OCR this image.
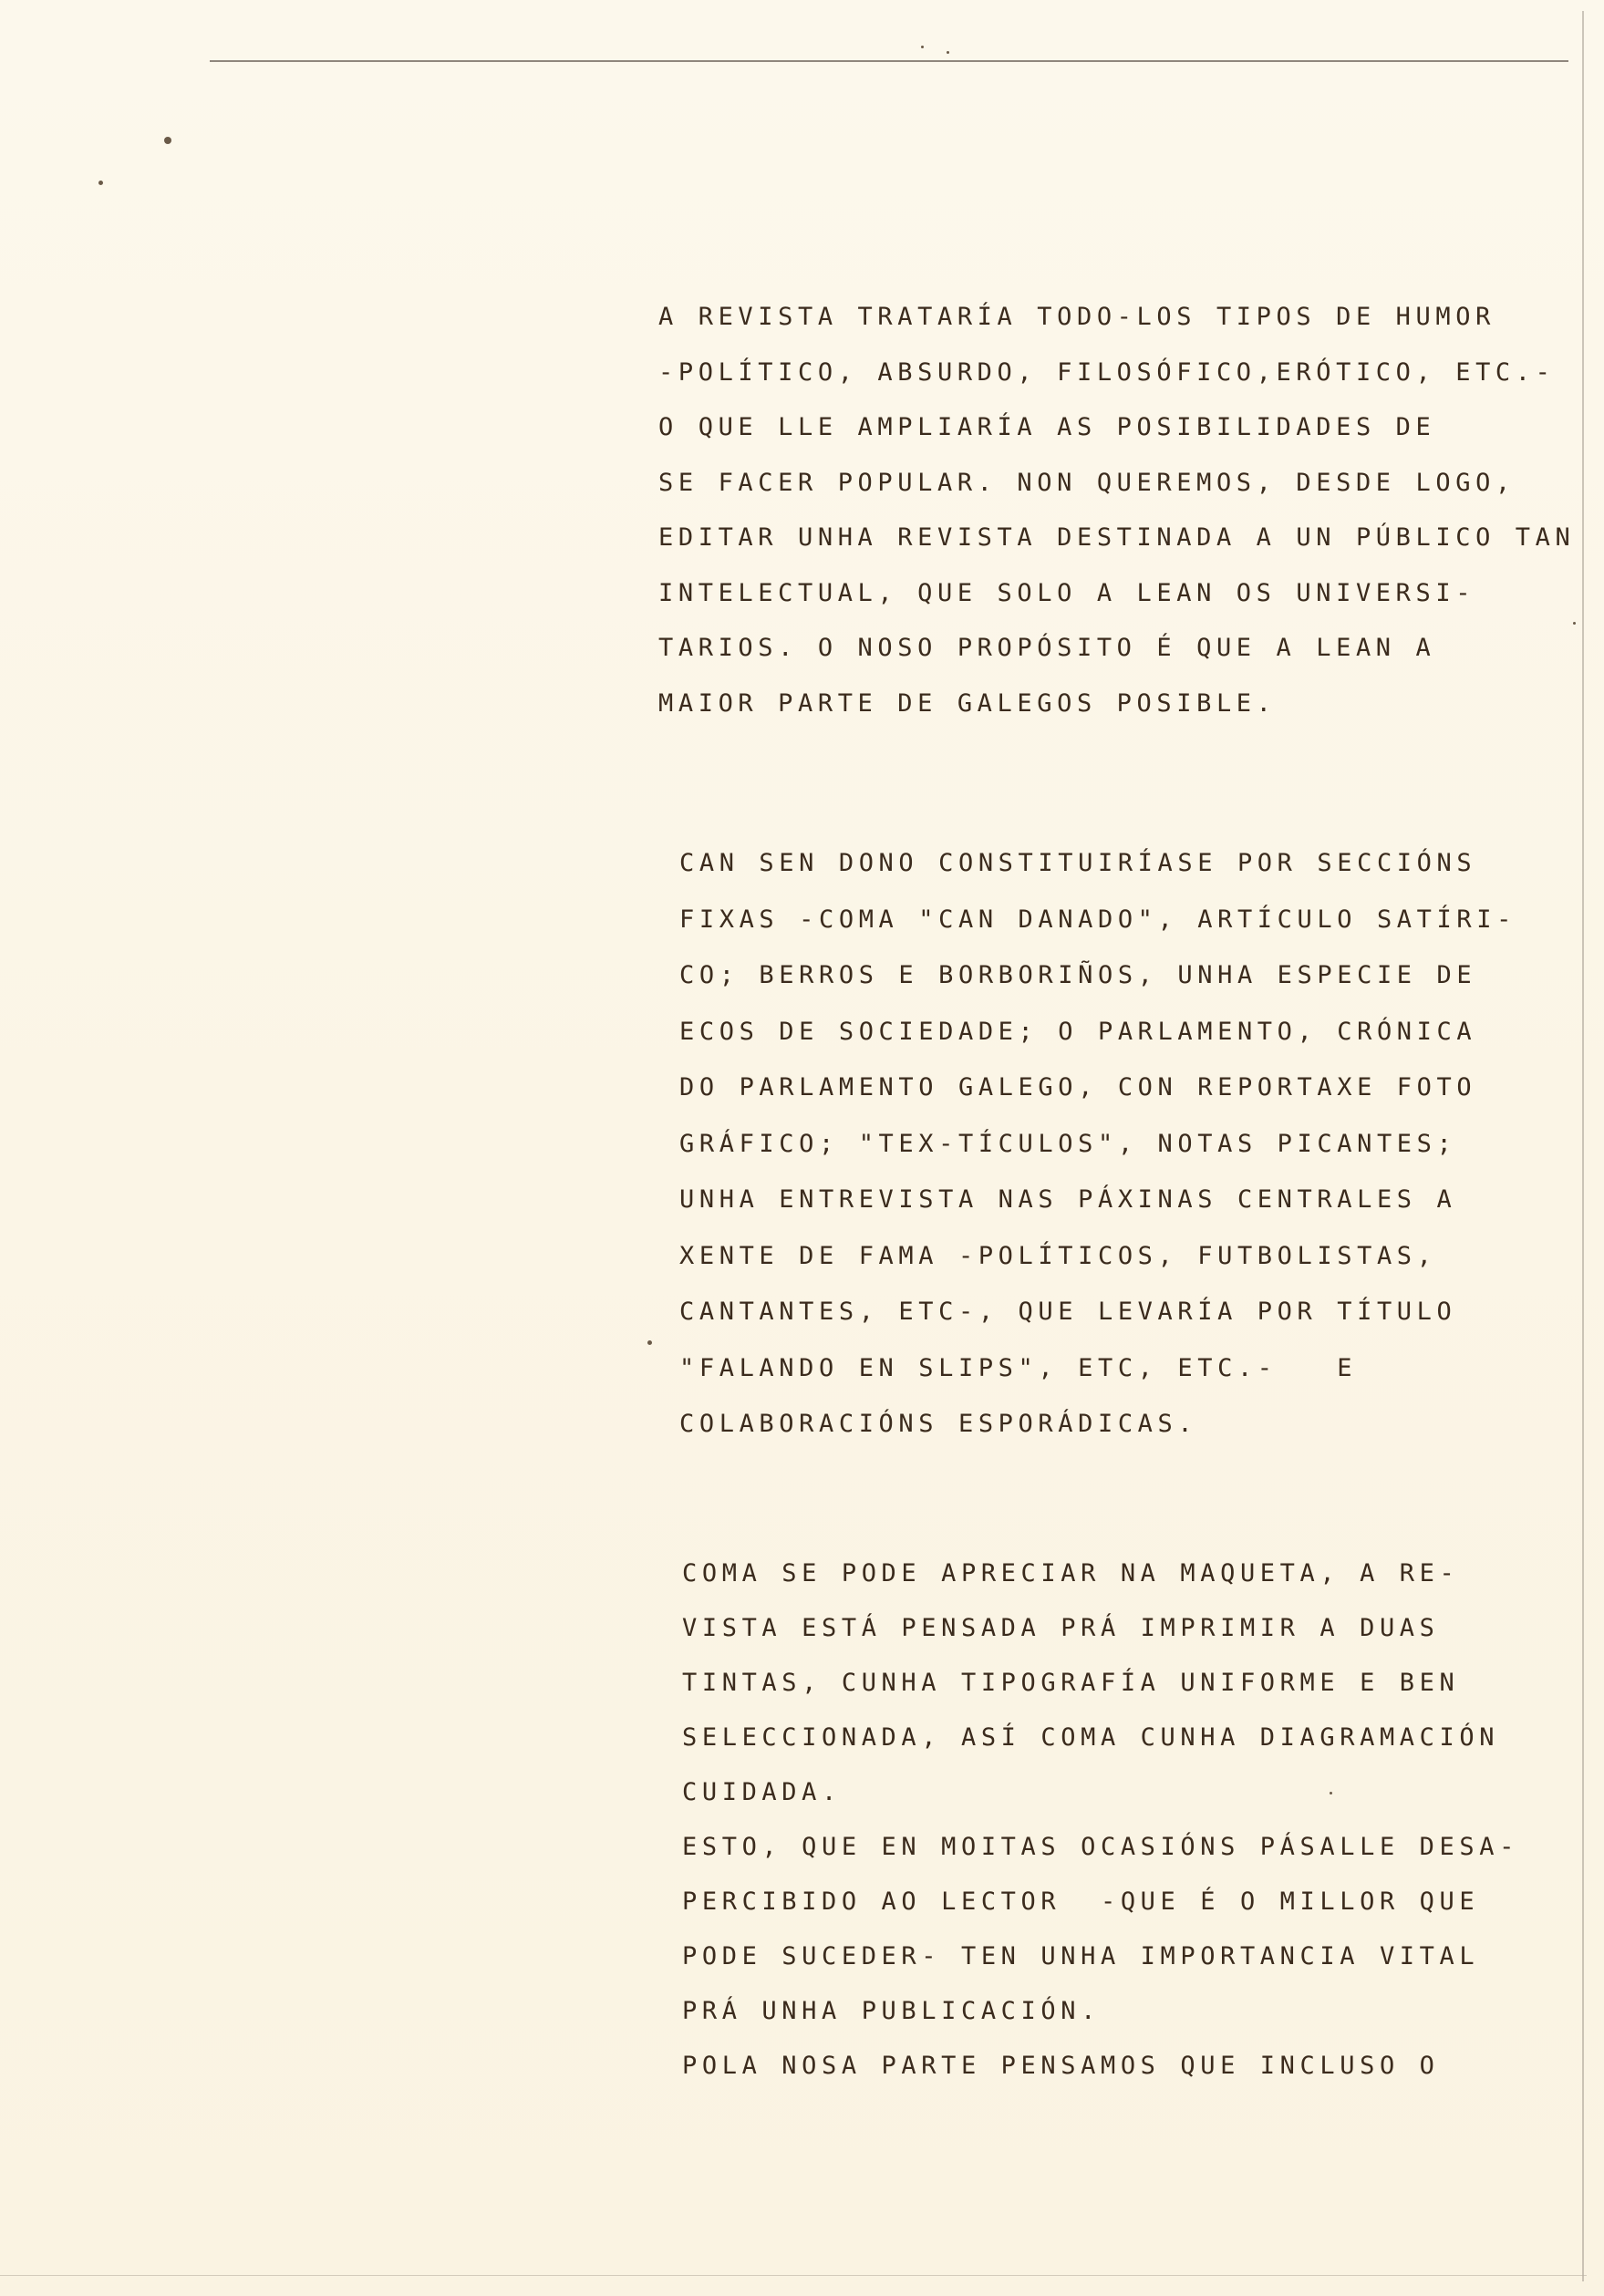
A REVISTA TRATARÍA TODO-LOS TIPOS DE HUMOR
-POLÍTICO, ABSURDO, FILOSÓFICO,ERÓTICO, ETC.-
O QUE LLE AMPLIARÍA AS POSIBILIDADES DE
SE FACER POPULAR. NON QUEREMOS, DESDE LOGO,
EDITAR UNHA REVISTA DESTINADA A UN PÚBLICO TAN
INTELECTUAL, QUE SOLO A LEAN OS UNIVERSI-
TARIOS. O NOSO PROPÓSITO É QUE A LEAN A
MAIOR PARTE DE GALEGOS POSIBLE.
CAN SEN DONO CONSTITUIRÍASE POR SECCIÓNS
FIXAS -COMA "CAN DANADO", ARTÍCULO SATÍRI-
CO; BERROS E BORBORIÑOS, UNHA ESPECIE DE
ECOS DE SOCIEDADE; O PARLAMENTO, CRÓNICA
DO PARLAMENTO GALEGO, CON REPORTAXE FOTO
GRÁFICO; "TEX-TÍCULOS", NOTAS PICANTES;
UNHA ENTREVISTA NAS PÁXINAS CENTRALES A
XENTE DE FAMA -POLÍTICOS, FUTBOLISTAS,
CANTANTES, ETC-, QUE LEVARÍA POR TÍTULO
"FALANDO EN SLIPS", ETC, ETC.-   E
COLABORACIÓNS ESPORÁDICAS.
COMA SE PODE APRECIAR NA MAQUETA, A RE-
VISTA ESTÁ PENSADA PRÁ IMPRIMIR A DUAS
TINTAS, CUNHA TIPOGRAFÍA UNIFORME E BEN
SELECCIONADA, ASÍ COMA CUNHA DIAGRAMACIÓN
CUIDADA.
ESTO, QUE EN MOITAS OCASIÓNS PÁSALLE DESA-
PERCIBIDO AO LECTOR  -QUE É O MILLOR QUE
PODE SUCEDER- TEN UNHA IMPORTANCIA VITAL
PRÁ UNHA PUBLICACIÓN.
POLA NOSA PARTE PENSAMOS QUE INCLUSO O
